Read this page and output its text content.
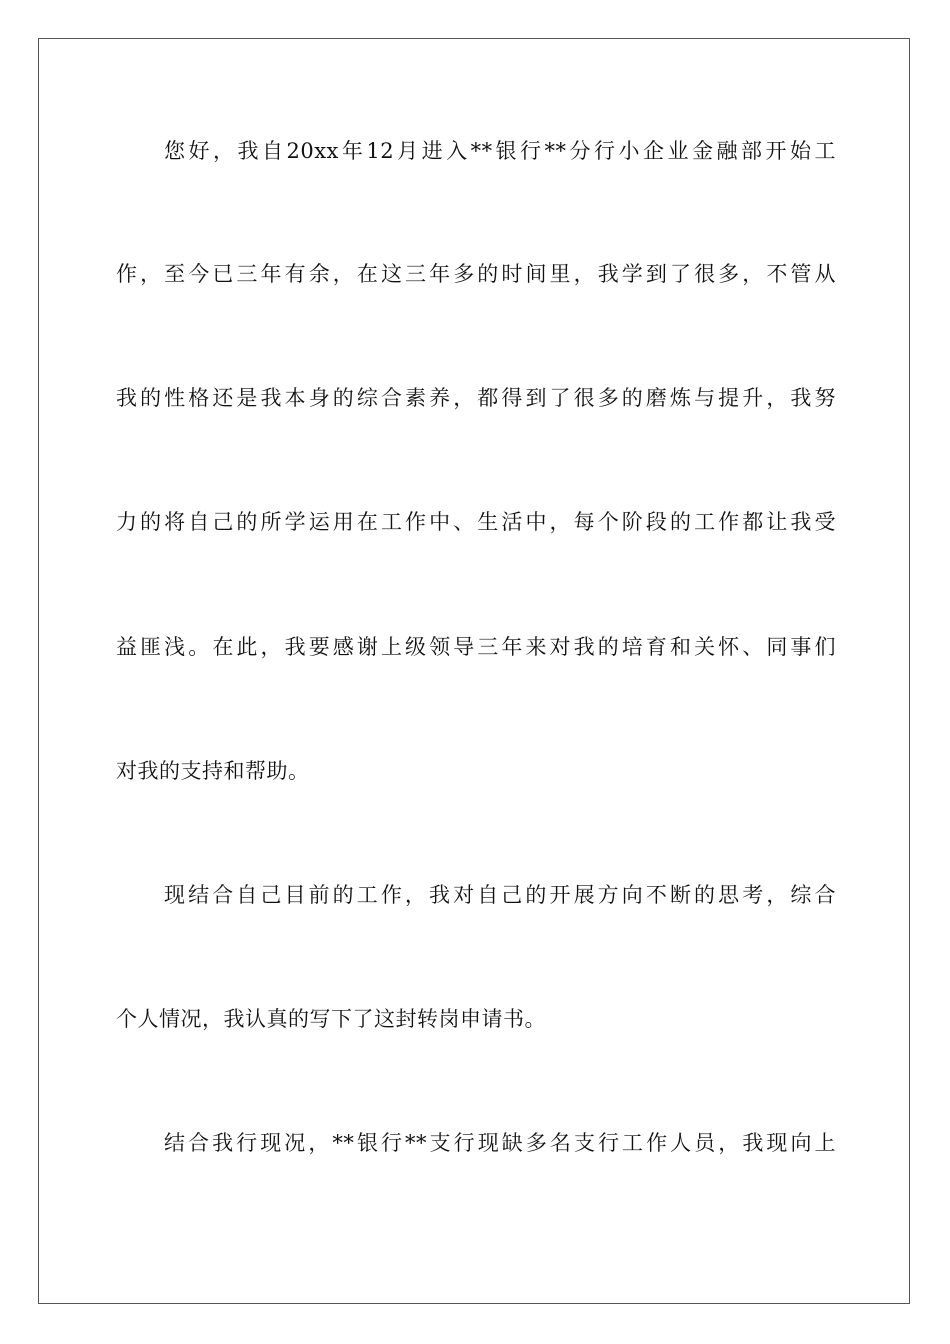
您好，我自20xx年12月进入**银行**分行小企业金融部开始工
作，至今已三年有余，在这三年多的时间里，我学到了很多，不管从
我的性格还是我本身的综合素养，都得到了很多的磨炼与提升，我努
力的将自己的所学运用在工作中、生活中，每个阶段的工作都让我受
益匪浅。在此，我要感谢上级领导三年来对我的培育和关怀、同事们
对我的支持和帮助。
现结合自己目前的工作，我对自己的开展方向不断的思考，综合
个人情况，我认真的写下了这封转岗申请书。
结合我行现况，**银行**支行现缺多名支行工作人员，我现向上
